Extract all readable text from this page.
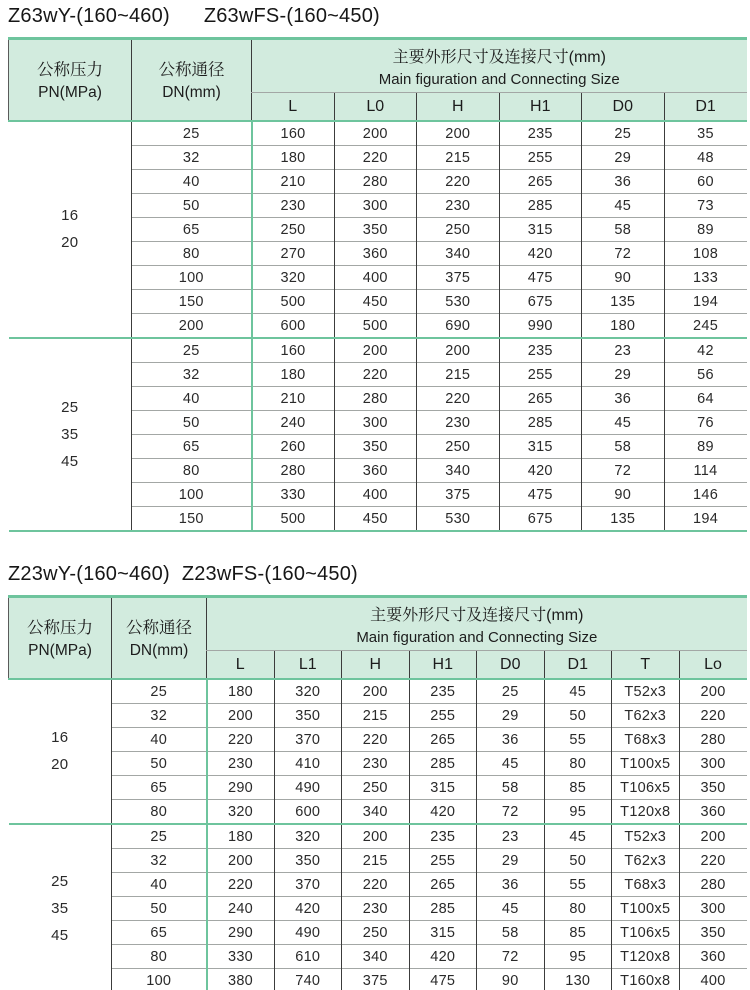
Z63wY-(160~460) Z63wFS-(160~450)
公称压力
PN(MPa)

公称通径
DN(mm)

主要外形尺寸及连接尺寸(mm)
Main figuration and Connecting Size

		L	L0	H	H1	D0	D1

16
20	25	160	200	200	235	25	35
	32	180	220	215	255	29	48
	40	210	280	220	265	36	60
	50	230	300	230	285	45	73
	65	250	350	250	315	58	89
	80	270	360	340	420	72	108
	100	320	400	375	475	90	133
	150	500	450	530	675	135	194
	200	600	500	690	990	180	245

25
35
45	25	160	200	200	235	23	42
	32	180	220	215	255	29	56
	40	210	280	220	265	36	64
	50	240	300	230	285	45	76
	65	260	350	250	315	58	89
	80	280	360	340	420	72	114
	100	330	400	375	475	90	146
	150	500	450	530	675	135	194
Z23wY-(160~460) Z23wFS-(160~450)
公称压力
PN(MPa)

公称通径
DN(mm)

主要外形尺寸及连接尺寸(mm)
Main figuration and Connecting Size

		L	L1	H	H1	D0	D1	T	Lo

16
20	25	180	320	200	235	25	45	T52x3	200
	32	200	350	215	255	29	50	T62x3	220
	40	220	370	220	265	36	55	T68x3	280
	50	230	410	230	285	45	80	T100x5	300
	65	290	490	250	315	58	85	T106x5	350
	80	320	600	340	420	72	95	T120x8	360

25
35
45	25	180	320	200	235	23	45	T52x3	200
	32	200	350	215	255	29	50	T62x3	220
	40	220	370	220	265	36	55	T68x3	280
	50	240	420	230	285	45	80	T100x5	300
	65	290	490	250	315	58	85	T106x5	350
	80	330	610	340	420	72	95	T120x8	360
	100	380	740	375	475	90	130	T160x8	400
